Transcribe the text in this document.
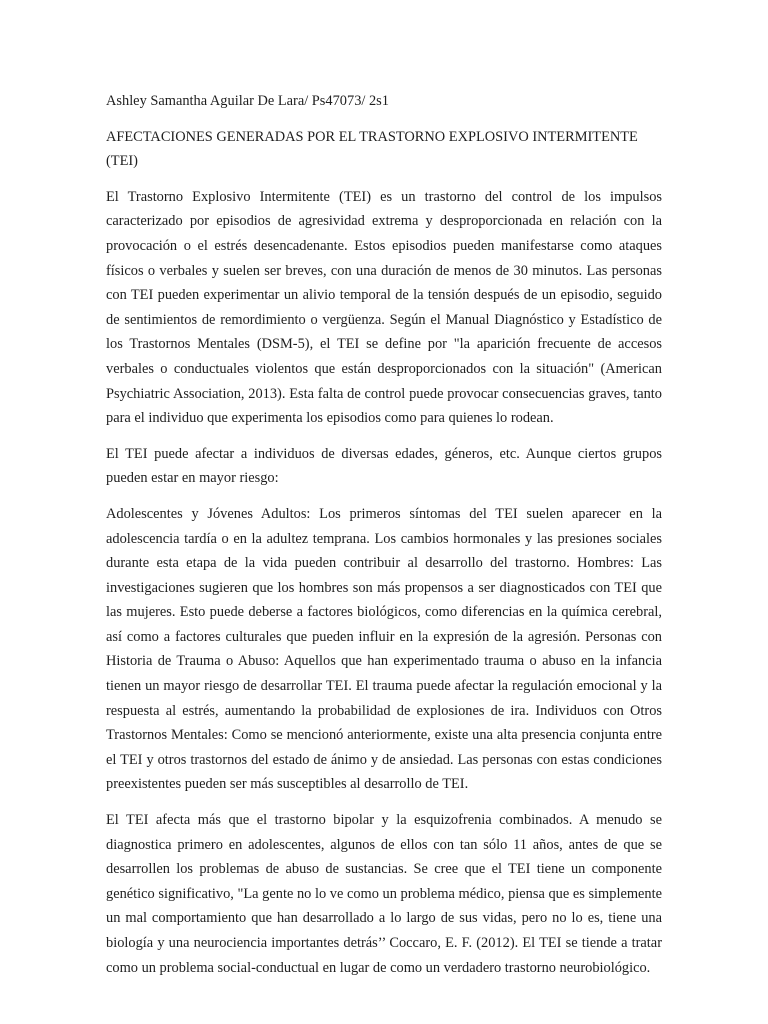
Ashley Samantha Aguilar De Lara/ Ps47073/ 2s1

AFECTACIONES GENERADAS POR EL TRASTORNO EXPLOSIVO INTERMITENTE (TEI)

El Trastorno Explosivo Intermitente (TEI) es un trastorno del control de los impulsos caracterizado por episodios de agresividad extrema y desproporcionada en relación con la provocación o el estrés desencadenante. Estos episodios pueden manifestarse como ataques físicos o verbales y suelen ser breves, con una duración de menos de 30 minutos. Las personas con TEI pueden experimentar un alivio temporal de la tensión después de un episodio, seguido de sentimientos de remordimiento o vergüenza. Según el Manual Diagnóstico y Estadístico de los Trastornos Mentales (DSM-5), el TEI se define por "la aparición frecuente de accesos verbales o conductuales violentos que están desproporcionados con la situación" (American Psychiatric Association, 2013). Esta falta de control puede provocar consecuencias graves, tanto para el individuo que experimenta los episodios como para quienes lo rodean.

El TEI puede afectar a individuos de diversas edades, géneros, etc. Aunque ciertos grupos pueden estar en mayor riesgo:

Adolescentes y Jóvenes Adultos: Los primeros síntomas del TEI suelen aparecer en la adolescencia tardía o en la adultez temprana. Los cambios hormonales y las presiones sociales durante esta etapa de la vida pueden contribuir al desarrollo del trastorno. Hombres: Las investigaciones sugieren que los hombres son más propensos a ser diagnosticados con TEI que las mujeres. Esto puede deberse a factores biológicos, como diferencias en la química cerebral, así como a factores culturales que pueden influir en la expresión de la agresión. Personas con Historia de Trauma o Abuso: Aquellos que han experimentado trauma o abuso en la infancia tienen un mayor riesgo de desarrollar TEI. El trauma puede afectar la regulación emocional y la respuesta al estrés, aumentando la probabilidad de explosiones de ira. Individuos con Otros Trastornos Mentales: Como se mencionó anteriormente, existe una alta presencia conjunta entre el TEI y otros trastornos del estado de ánimo y de ansiedad. Las personas con estas condiciones preexistentes pueden ser más susceptibles al desarrollo de TEI.

El TEI afecta más que el trastorno bipolar y la esquizofrenia combinados. A menudo se diagnostica primero en adolescentes, algunos de ellos con tan sólo 11 años, antes de que se desarrollen los problemas de abuso de sustancias. Se cree que el TEI tiene un componente genético significativo, "La gente no lo ve como un problema médico, piensa que es simplemente un mal comportamiento que han desarrollado a lo largo de sus vidas, pero no lo es, tiene una biología y una neurociencia importantes detrás’’ Coccaro, E. F. (2012). El TEI se tiende a tratar como un problema social-conductual en lugar de como un verdadero trastorno neurobiológico.
